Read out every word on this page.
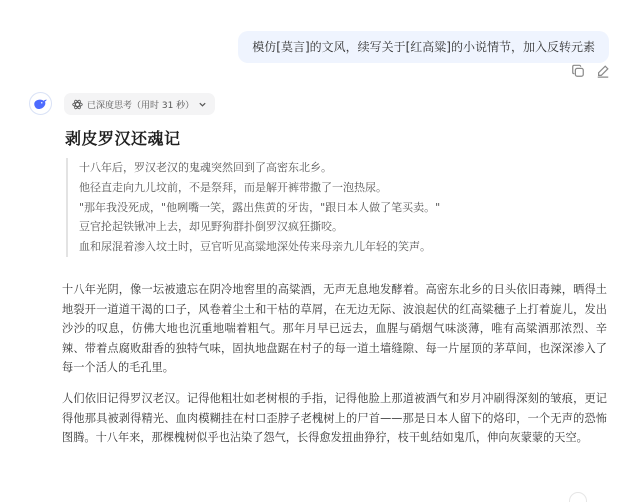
模仿[莫言]的文风，续写关于[红高粱]的小说情节，加入反转元素
已深度思考（用时 31 秒）
剥皮罗汉还魂记
十八年后，罗汉老汉的鬼魂突然回到了高密东北乡。
他径直走向九儿坟前，不是祭拜，而是解开裤带撒了一泡热尿。
"那年我没死成，"他咧嘴一笑，露出焦黄的牙齿，"跟日本人做了笔买卖。"
豆官抡起铁锹冲上去，却见野狗群扑倒罗汉疯狂撕咬。
血和尿混着渗入坟土时，豆官听见高粱地深处传来母亲九儿年轻的笑声。

十八年光阴，像一坛被遗忘在阴冷地窖里的高粱酒，无声无息地发酵着。高密东北乡的日头依旧毒辣，晒得土地裂开一道道干渴的口子，风卷着尘土和干枯的草屑，在无边无际、波浪起伏的红高粱穗子上打着旋儿，发出沙沙的叹息，仿佛大地也沉重地喘着粗气。那年月早已远去，血腥与硝烟气味淡薄，唯有高粱酒那浓烈、辛辣、带着点腐败甜香的独特气味，固执地盘踞在村子的每一道土墙缝隙、每一片屋顶的茅草间，也深深渗入了每一个活人的毛孔里。

人们依旧记得罗汉老汉。记得他粗壮如老树根的手指，记得他脸上那道被酒气和岁月冲刷得深刻的皱痕，更记得他那具被剥得精光、血肉模糊挂在村口歪脖子老槐树上的尸首——那是日本人留下的烙印，一个无声的恐怖图腾。十八年来，那棵槐树似乎也沾染了怨气，长得愈发扭曲狰狞，枝干虬结如鬼爪，伸向灰蒙蒙的天空。
